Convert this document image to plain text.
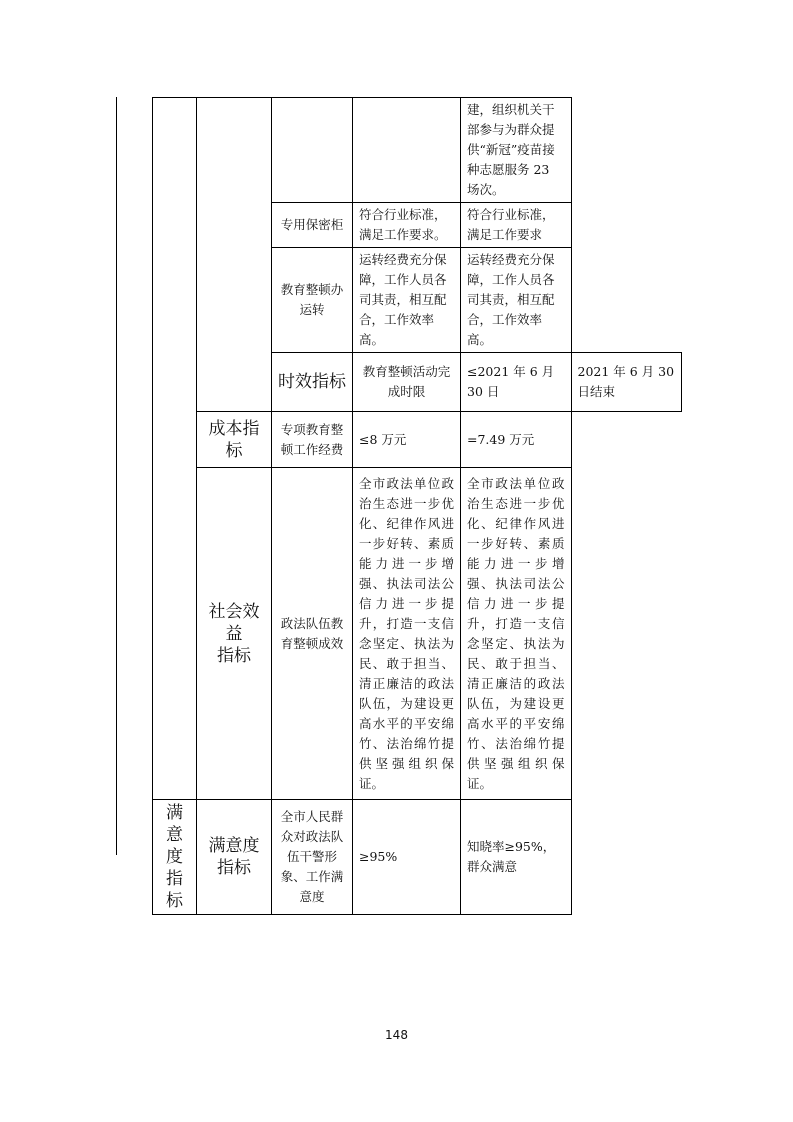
				建，组织机关干部参与为群众提供“新冠”疫苗接种志愿服务 23 场次。	
		专用保密柜	符合行业标准，满足工作要求。	符合行业标准，满足工作要求	
		教育整顿办运转	运转经费充分保障，工作人员各司其责，相互配合，工作效率高。	运转经费充分保障，工作人员各司其责，相互配合，工作效率高。	
		时效指标	教育整顿活动完成时限	≤2021 年 6 月 30 日	2021 年 6 月 30 日结束
	成本指标	专项教育整顿工作经费	≤8 万元	=7.49 万元	

	社会效
益
指标	政法队伍教育整顿成效	全市政法单位政治生态进一步优化、纪律作风进一步好转、素质能力进一步增强、执法司法公信力进一步提升，打造一支信念坚定、执法为民、敢于担当、清正廉洁的政法队伍，为建设更高水平的平安绵竹、法治绵竹提供坚强组织保证。	全市政法单位政治生态进一步优化、纪律作风进一步好转、素质能力进一步增强、执法司法公信力进一步提升，打造一支信念坚定、执法为民、敢于担当、清正廉洁的政法队伍，为建设更高水平的平安绵竹、法治绵竹提供坚强组织保证。	

满
意
度
指
标	满意度指标	全市人民群众对政法队伍干警形象、工作满意度	≥95%	知晓率≥95%，群众满意	
148
